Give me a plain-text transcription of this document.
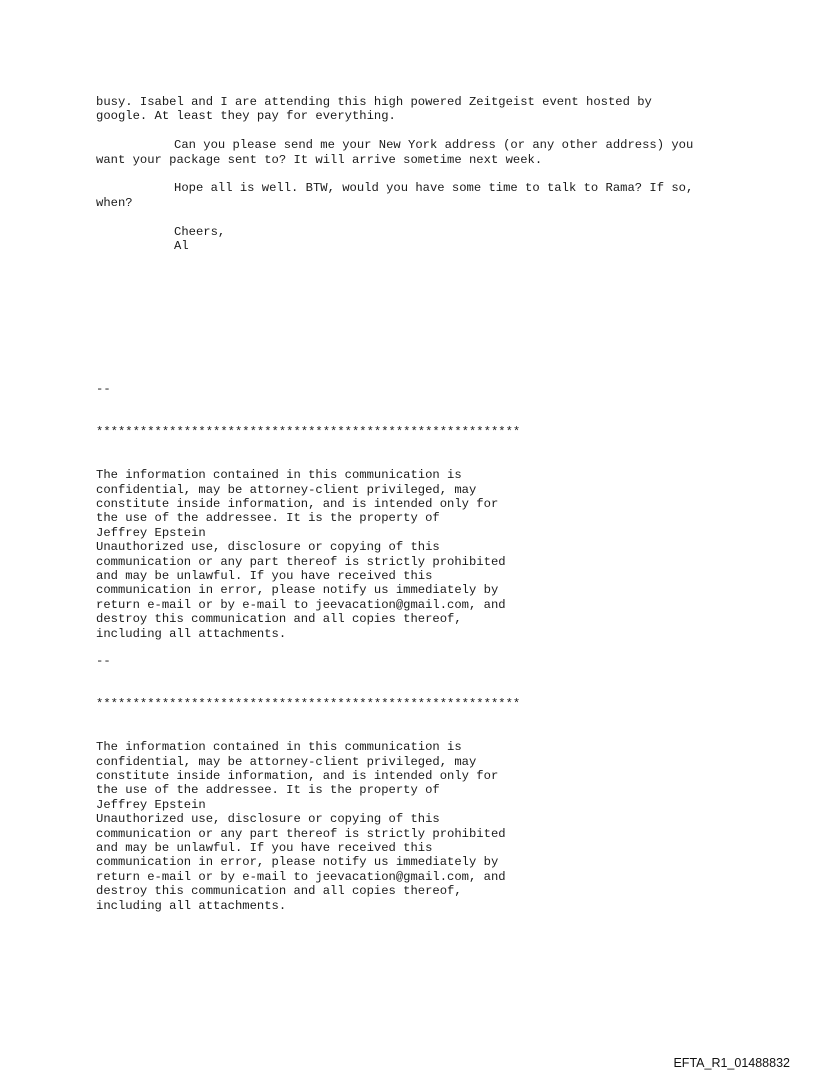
busy. Isabel and I are attending this high powered Zeitgeist event hosted by
google. At least they pay for everything.
Can you please send me your New York address (or any other address) you
want your package sent to? It will arrive sometime next week.
Hope all is well. BTW, would you have some time to talk to Rama? If so,
when?
Cheers,
Al

--

**********************************************************

The information contained in this communication is
confidential, may be attorney-client privileged, may
constitute inside information, and is intended only for
the use of the addressee. It is the property of
Jeffrey Epstein
Unauthorized use, disclosure or copying of this
communication or any part thereof is strictly prohibited
and may be unlawful. If you have received this
communication in error, please notify us immediately by
return e-mail or by e-mail to jeevacation@gmail.com, and
destroy this communication and all copies thereof,
including all attachments.

--

**********************************************************

The information contained in this communication is
confidential, may be attorney-client privileged, may
constitute inside information, and is intended only for
the use of the addressee. It is the property of
Jeffrey Epstein
Unauthorized use, disclosure or copying of this
communication or any part thereof is strictly prohibited
and may be unlawful. If you have received this
communication in error, please notify us immediately by
return e-mail or by e-mail to jeevacation@gmail.com, and
destroy this communication and all copies thereof,
including all attachments.

EFTA_R1_01488832
